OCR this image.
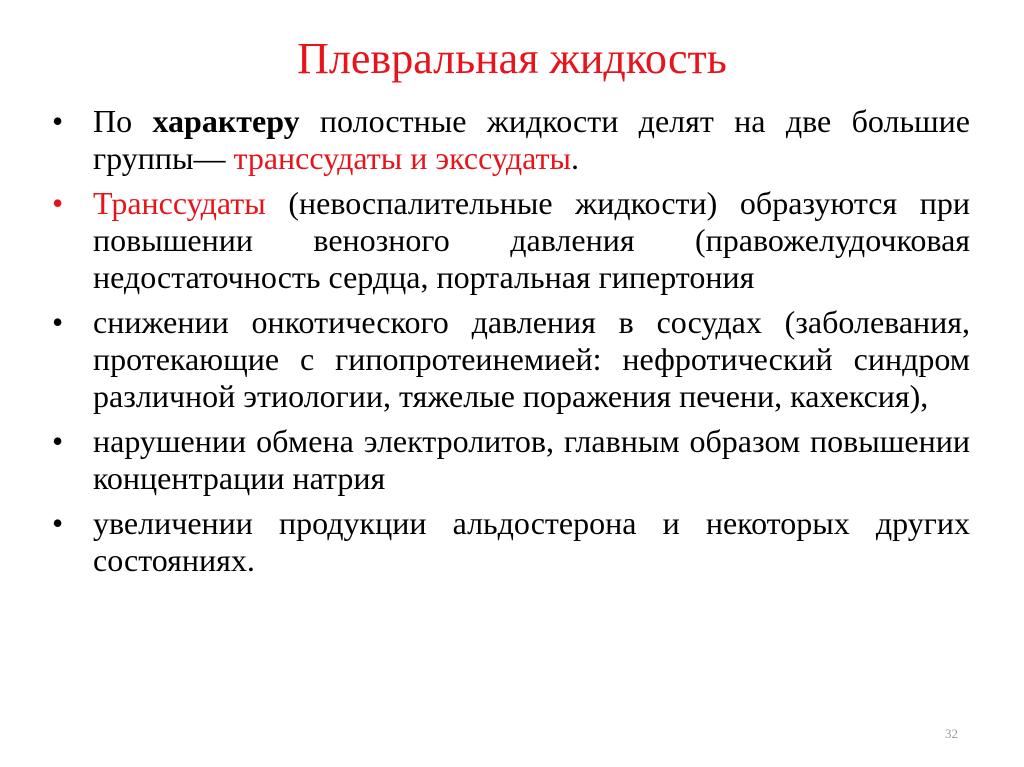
Плевральная жидкость
• По характеру полостные жидкости делят на две большие группы— транссудаты и экссудаты.
• Транссудаты (невоспалительные жидкости) образуются при повышении венозного давления (правожелудочковая недостаточность сердца, портальная гипертония
• снижении онкотического давления в сосудах (заболевания, протекающие с гипопротеинемией: нефротический синдром различной этиологии, тяжелые поражения печени, кахексия),
• нарушении обмена электролитов, главным образом повышении концентрации натрия
• увеличении продукции альдостерона и некоторых других состояниях.
32
